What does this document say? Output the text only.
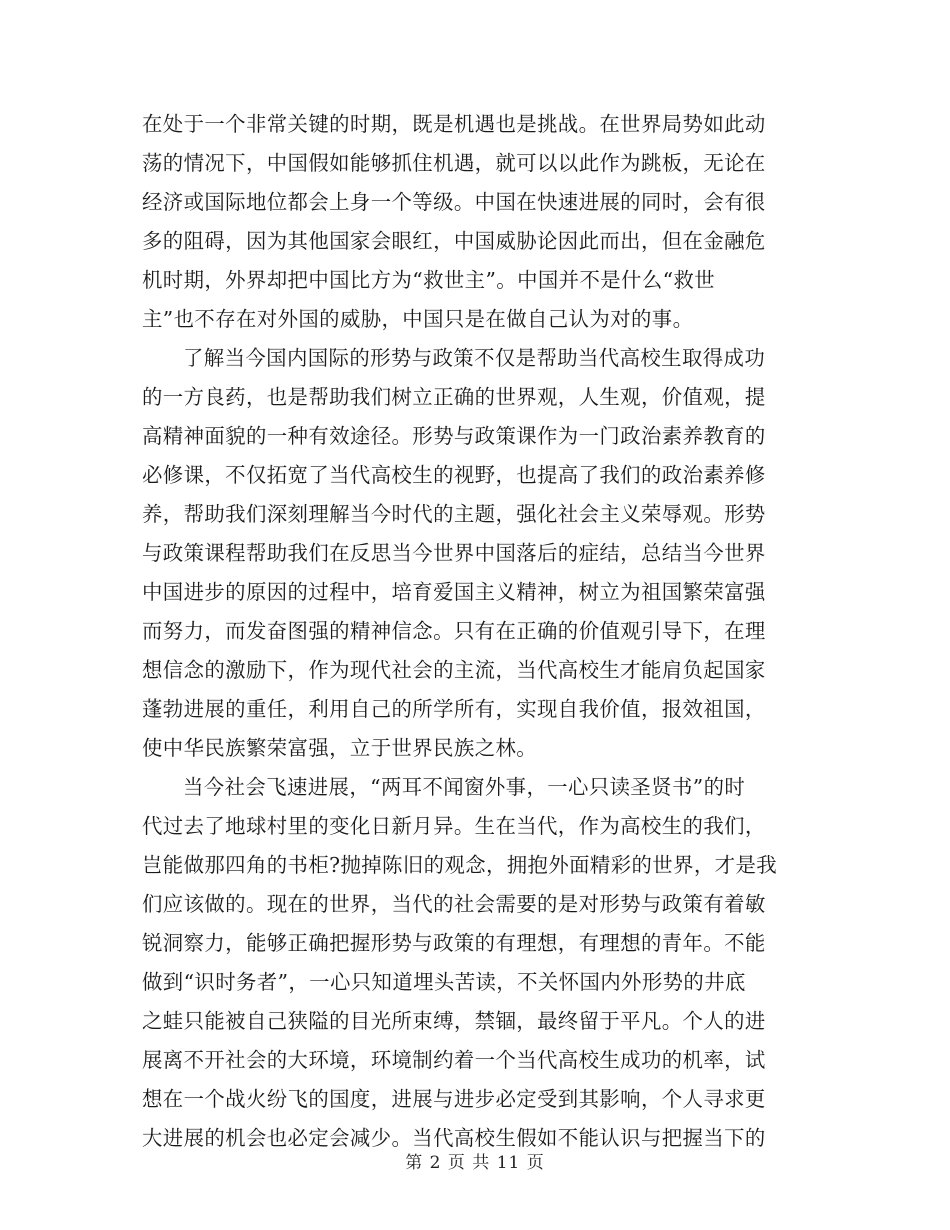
在处于一个非常关键的时期，既是机遇也是挑战。在世界局势如此动
荡的情况下，中国假如能够抓住机遇，就可以以此作为跳板，无论在
经济或国际地位都会上身一个等级。中国在快速进展的同时，会有很
多的阻碍，因为其他国家会眼红，中国威胁论因此而出，但在金融危
机时期，外界却把中国比方为“救世主”。中国并不是什么“救世
主”也不存在对外国的威胁，中国只是在做自己认为对的事。
了解当今国内国际的形势与政策不仅是帮助当代高校生取得成功
的一方良药，也是帮助我们树立正确的世界观，人生观，价值观，提
高精神面貌的一种有效途径。形势与政策课作为一门政治素养教育的
必修课，不仅拓宽了当代高校生的视野，也提高了我们的政治素养修
养，帮助我们深刻理解当今时代的主题，强化社会主义荣辱观。形势
与政策课程帮助我们在反思当今世界中国落后的症结，总结当今世界
中国进步的原因的过程中，培育爱国主义精神，树立为祖国繁荣富强
而努力，而发奋图强的精神信念。只有在正确的价值观引导下，在理
想信念的激励下，作为现代社会的主流，当代高校生才能肩负起国家
蓬勃进展的重任，利用自己的所学所有，实现自我价值，报效祖国，
使中华民族繁荣富强，立于世界民族之林。
当今社会飞速进展，“两耳不闻窗外事，一心只读圣贤书”的时
代过去了地球村里的变化日新月异。生在当代，作为高校生的我们，
岂能做那四角的书柜?抛掉陈旧的观念，拥抱外面精彩的世界，才是我
们应该做的。现在的世界，当代的社会需要的是对形势与政策有着敏
锐洞察力，能够正确把握形势与政策的有理想，有理想的青年。不能
做到“识时务者”，一心只知道埋头苦读，不关怀国内外形势的井底
之蛙只能被自己狭隘的目光所束缚，禁锢，最终留于平凡。个人的进
展离不开社会的大环境，环境制约着一个当代高校生成功的机率，试
想在一个战火纷飞的国度，进展与进步必定受到其影响，个人寻求更
大进展的机会也必定会减少。当代高校生假如不能认识与把握当下的
第 2 页 共 11 页
